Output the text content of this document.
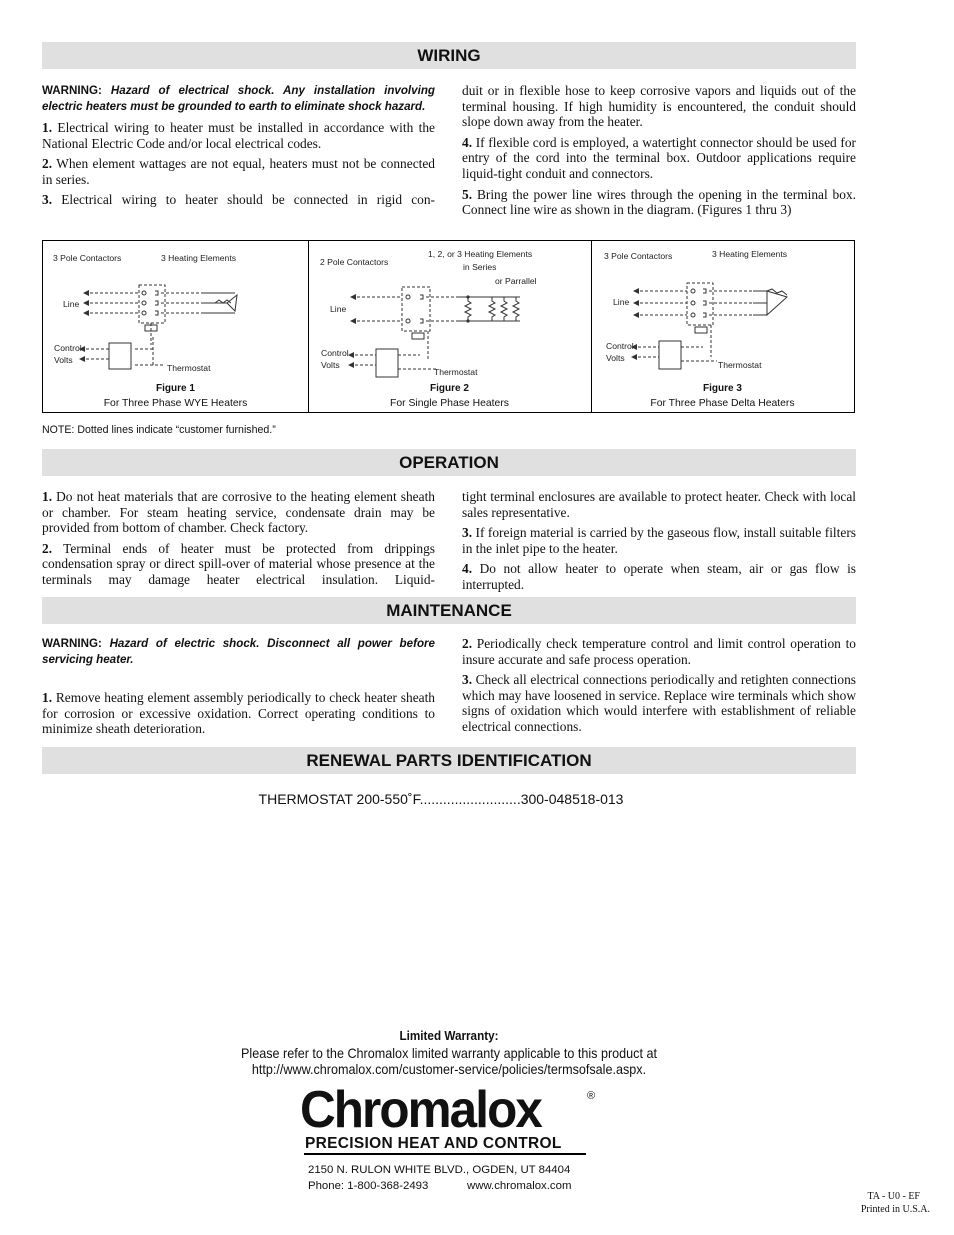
WIRING
WARNING: Hazard of electrical shock. Any installation involving electric heaters must be grounded to earth to eliminate shock hazard.

1. Electrical wiring to heater must be installed in accordance with the National Electric Code and/or local electrical codes.

2. When element wattages are not equal, heaters must not be connected in series.

3. Electrical wiring to heater should be connected in rigid con-

duit or in flexible hose to keep corrosive vapors and liquids out of the terminal housing. If high humidity is encountered, the conduit should slope down away from the heater.

4. If flexible cord is employed, a watertight connector should be used for entry of the cord into the terminal box. Outdoor applications require liquid-tight conduit and connectors.

5. Bring the power line wires through the opening in the terminal box. Connect line wire as shown in the diagram. (Figures 1 thru 3)

3 Pole Contactors	3 Heating Elements
Line
Control
Volts
Thermostat
Figure 1
For Three Phase WYE Heaters
2 Pole Contactors
1, 2, or 3 Heating Elements
in Series
or Parrallel
Line
Control
Volts
Thermostat
Figure 2
For Single Phase Heaters
3 Pole Contactors	3 Heating Elements
Line
Control
Volts
Thermostat
Figure 3
For Three Phase Delta Heaters
NOTE: Dotted lines indicate “customer furnished.”
OPERATION

1. Do not heat materials that are corrosive to the heating element sheath or chamber. For steam heating service, condensate drain may be provided from bottom of chamber. Check factory.

2. Terminal ends of heater must be protected from drippings condensation spray or direct spill-over of material whose presence at the terminals may damage heater electrical insulation. Liquid-

tight terminal enclosures are available to protect heater. Check with local sales representative.

3. If foreign material is carried by the gaseous flow, install suitable filters in the inlet pipe to the heater.

4. Do not allow heater to operate when steam, air or gas flow is interrupted.

MAINTENANCE
WARNING: Hazard of electric shock. Disconnect all power before servicing heater.

1. Remove heating element assembly periodically to check heater sheath for corrosion or excessive oxidation. Correct operating conditions to minimize sheath deterioration.

2. Periodically check temperature control and limit control operation to insure accurate and safe process operation.

3. Check all electrical connections periodically and retighten connections which may have loosened in service. Replace wire terminals which show signs of oxidation which would interfere with establishment of reliable electrical connections.

RENEWAL PARTS IDENTIFICATION
THERMOSTAT 200-550˚F..........................300-048518-013
Limited Warranty:
Please refer to the Chromalox limited warranty applicable to this product at
http://www.chromalox.com/customer-service/policies/termsofsale.aspx.
Chromalox	®
PRECISION HEAT AND CONTROL
2150 N. RULON WHITE BLVD., OGDEN, UT 84404
Phone: 1-800-368-2493	www.chromalox.com
TA - U0 - EF
Printed in U.S.A.
